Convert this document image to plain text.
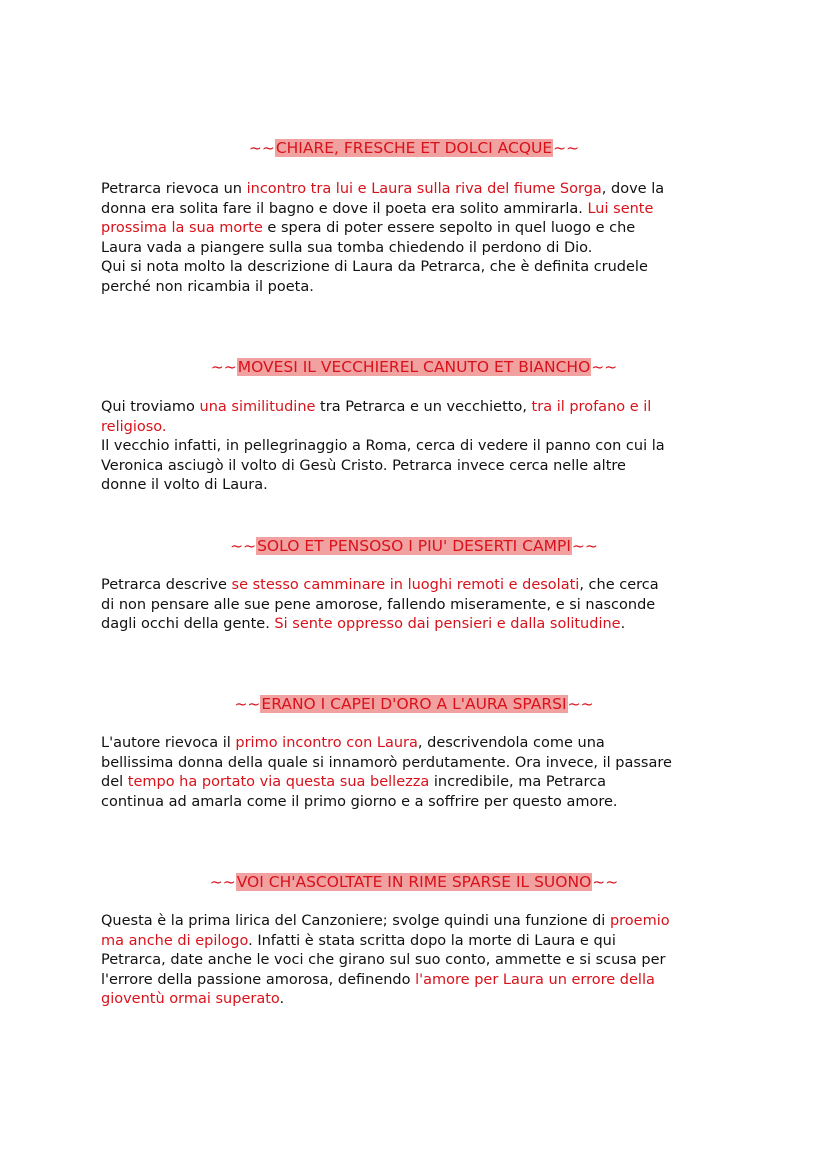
~~CHIARE, FRESCHE ET DOLCI ACQUE~~
Petrarca rievoca un incontro tra lui e Laura sulla riva del fiume Sorga, dove la
donna era solita fare il bagno e dove il poeta era solito ammirarla. Lui sente
prossima la sua morte e spera di poter essere sepolto in quel luogo e che
Laura vada a piangere sulla sua tomba chiedendo il perdono di Dio.
Qui si nota molto la descrizione di Laura da Petrarca, che è definita crudele
perché non ricambia il poeta.
~~MOVESI IL VECCHIEREL CANUTO ET BIANCHO~~
Qui troviamo una similitudine tra Petrarca e un vecchietto, tra il profano e il
religioso.
Il vecchio infatti, in pellegrinaggio a Roma, cerca di vedere il panno con cui la
Veronica asciugò il volto di Gesù Cristo. Petrarca invece cerca nelle altre
donne il volto di Laura.
~~SOLO ET PENSOSO I PIU' DESERTI CAMPI~~
Petrarca descrive se stesso camminare in luoghi remoti e desolati, che cerca
di non pensare alle sue pene amorose, fallendo miseramente, e si nasconde
dagli occhi della gente. Si sente oppresso dai pensieri e dalla solitudine.
~~ERANO I CAPEI D'ORO A L'AURA SPARSI~~
L'autore rievoca il primo incontro con Laura, descrivendola come una
bellissima donna della quale si innamorò perdutamente. Ora invece, il passare
del tempo ha portato via questa sua bellezza incredibile, ma Petrarca
continua ad amarla come il primo giorno e a soffrire per questo amore.
~~VOI CH'ASCOLTATE IN RIME SPARSE IL SUONO~~
Questa è la prima lirica del Canzoniere; svolge quindi una funzione di proemio
ma anche di epilogo. Infatti è stata scritta dopo la morte di Laura e qui
Petrarca, date anche le voci che girano sul suo conto, ammette e si scusa per
l'errore della passione amorosa, definendo l'amore per Laura un errore della
gioventù ormai superato.
